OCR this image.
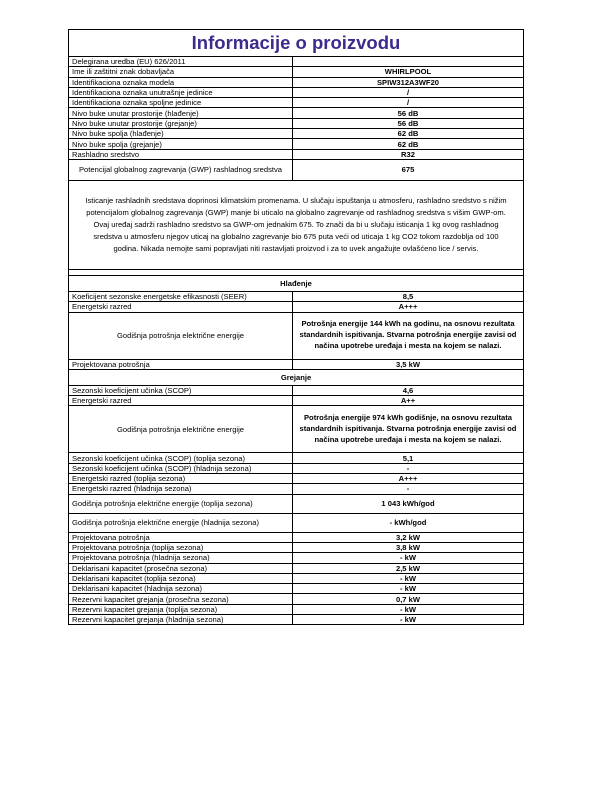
Informacije o proizvodu	
Delegirana uredba (EU) 626/2011	
Ime ili zaštitni znak dobavljača	WHIRLPOOL
Identifikaciona oznaka modela	SPIW312A3WF20
Identifikaciona oznaka unutrašnje jedinice	/
Identifikaciona oznaka spoljne jedinice	/
Nivo buke unutar prostorije (hlađenje)	56 dB
Nivo buke unutar prostorije (grejanje)	56 dB
Nivo buke spolja (hlađenje)	62 dB
Nivo buke spolja (grejanje)	62 dB
Rashladno sredstvo	R32
Potencijal globalnog zagrevanja (GWP) rashladnog sredstva	675
Isticanje rashladnih sredstava doprinosi klimatskim promenama. U slučaju ispuštanja u atmosferu, rashladno sredstvo s nižim potencijalom globalnog zagrevanja (GWP) manje bi uticalo na globalno zagrevanje od rashladnog sredstva s višim GWP-om. Ovaj uređaj sadrži rashladno sredstvo sa GWP-om jednakim 675. To znači da bi u slučaju isticanja 1 kg ovog rashladnog sredstva u atmosferu njegov uticaj na globalno zagrevanje bio 675 puta veći od uticaja 1 kg CO2 tokom razdoblja od 100 godina. Nikada nemojte sami popravljati niti rastavljati proizvod i za to uvek angažujte ovlašćeno lice / servis.	

Hlađenje	
Koeficijent sezonske energetske efikasnosti (SEER)	8,5
Energetski razred	A+++
Godišnja potrošnja električne energije	Potrošnja energije 144 kWh na godinu, na osnovu rezultata standardnih ispitivanja. Stvarna potrošnja energije zavisi od načina upotrebe uređaja i mesta na kojem se nalazi.
Projektovana potrošnja	3,5 kW
Grejanje	
Sezonski koeficijent učinka (SCOP)	4,6
Energetski razred	A++
Godišnja potrošnja električne energije	Potrošnja energije 974 kWh godišnje, na osnovu rezultata standardnih ispitivanja. Stvarna potrošnja energije zavisi od načina upotrebe uređaja i mesta na kojem se nalazi.
Sezonski koeficijent učinka (SCOP) (toplija sezona)	5,1
Sezonski koeficijent učinka (SCOP) (hladnija sezona)	-
Energetski razred (toplija sezona)	A+++
Energetski razred (hladnija sezona)	-
Godišnja potrošnja električne energije (toplija sezona)	1 043 kWh/god
Godišnja potrošnja električne energije (hladnija sezona)	- kWh/god
Projektovana potrošnja	3,2 kW
Projektovana potrošnja (toplija sezona)	3,8 kW
Projektovana potrošnja (hladnija sezona)	- kW
Deklarisani kapacitet (prosečna sezona)	2,5 kW
Deklarisani kapacitet (toplija sezona)	- kW
Deklarisani kapacitet (hladnija sezona)	- kW
Rezervni kapacitet grejanja (prosečna sezona)	0,7 kW
Rezervni kapacitet grejanja (toplija sezona)	- kW
Rezervni kapacitet grejanja (hladnija sezona)	- kW
